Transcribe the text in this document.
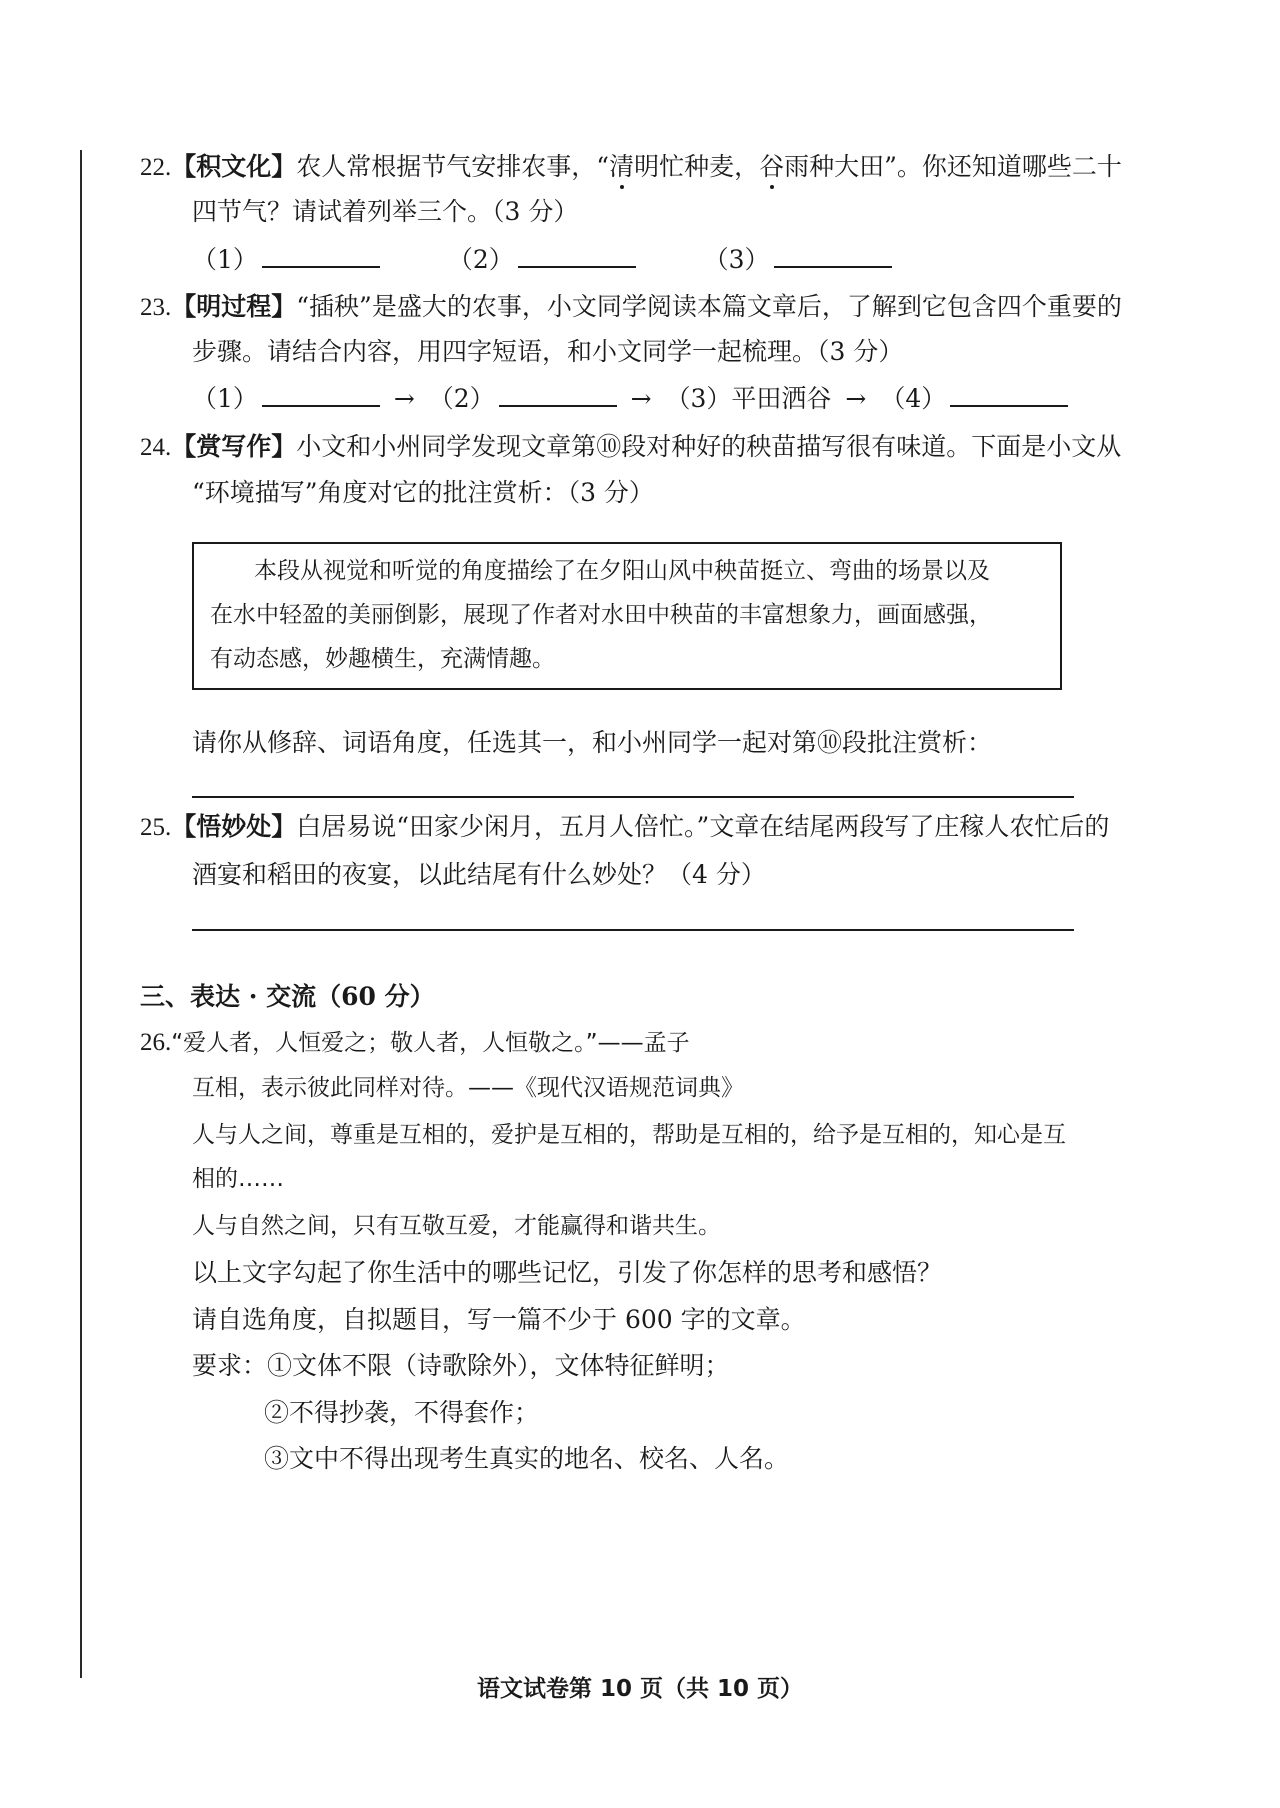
22.【积文化】农人常根据节气安排农事，“清明忙种麦，谷雨种大田”。你还知道哪些二十
四节气？请试着列举三个。（3 分）
（1）	（2）	（3）
23.【明过程】“插秧”是盛大的农事，小文同学阅读本篇文章后，了解到它包含四个重要的
步骤。请结合内容，用四字短语，和小文同学一起梳理。（3 分）
（1）	→ （2）	→ （3）平田洒谷 → （4）
24.【赏写作】小文和小州同学发现文章第⑩段对种好的秧苗描写很有味道。下面是小文从
“环境描写”角度对它的批注赏析：（3 分）
本段从视觉和听觉的角度描绘了在夕阳山风中秧苗挺立、弯曲的场景以及
在水中轻盈的美丽倒影，展现了作者对水田中秧苗的丰富想象力，画面感强，
有动态感，妙趣横生，充满情趣。
请你从修辞、词语角度，任选其一，和小州同学一起对第⑩段批注赏析：
25.【悟妙处】白居易说“田家少闲月，五月人倍忙。”文章在结尾两段写了庄稼人农忙后的
酒宴和稻田的夜宴，以此结尾有什么妙处？（4 分）
三、表达 · 交流（60 分）
26.“爱人者，人恒爱之；敬人者，人恒敬之。”——孟子
互相，表示彼此同样对待。——《现代汉语规范词典》
人与人之间，尊重是互相的，爱护是互相的，帮助是互相的，给予是互相的，知心是互
相的……
人与自然之间，只有互敬互爱，才能赢得和谐共生。
以上文字勾起了你生活中的哪些记忆，引发了你怎样的思考和感悟？
请自选角度，自拟题目，写一篇不少于 600 字的文章。
要求：①文体不限（诗歌除外），文体特征鲜明；
②不得抄袭，不得套作；
③文中不得出现考生真实的地名、校名、人名。
语文试卷第 10 页（共 10 页）
